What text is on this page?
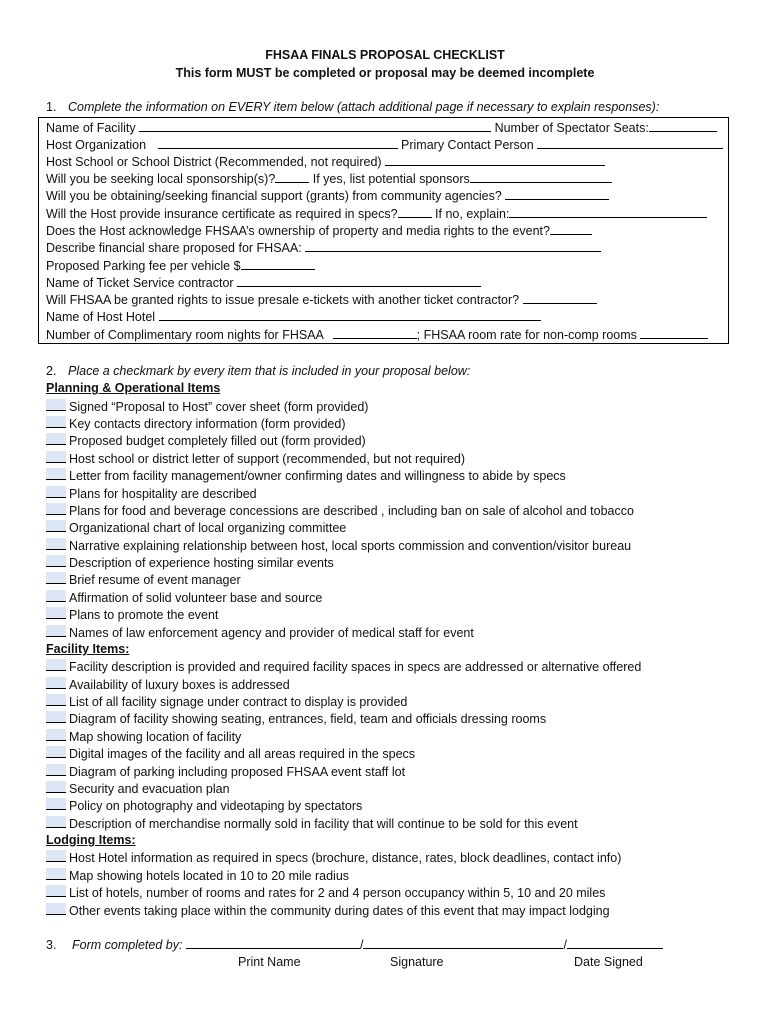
FHSAA FINALS PROPOSAL CHECKLIST
This form MUST be completed or proposal may be deemed incomplete
1. Complete the information on EVERY item below (attach additional page if necessary to explain responses):
Name of Facility	Number of Spectator Seats:
Host Organization	Primary Contact Person
Host School or School District (Recommended, not required)
Will you be seeking local sponsorship(s)?	If yes, list potential sponsors
Will you be obtaining/seeking financial support (grants) from community agencies?
Will the Host provide insurance certificate as required in specs?	If no, explain:
Does the Host acknowledge FHSAA’s ownership of property and media rights to the event?
Describe financial share proposed for FHSAA:
Proposed Parking fee per vehicle $
Name of Ticket Service contractor
Will FHSAA be granted rights to issue presale e-tickets with another ticket contractor?
Name of Host Hotel
Number of Complimentary room nights for FHSAA	; FHSAA room rate for non-comp rooms
2. Place a checkmark by every item that is included in your proposal below:
Planning & Operational Items
Signed “Proposal to Host” cover sheet (form provided)
Key contacts directory information (form provided)
Proposed budget completely filled out (form provided)
Host school or district letter of support (recommended, but not required)
Letter from facility management/owner confirming dates and willingness to abide by specs
Plans for hospitality are described
Plans for food and beverage concessions are described , including ban on sale of alcohol and tobacco
Organizational chart of local organizing committee
Narrative explaining relationship between host, local sports commission and convention/visitor bureau
Description of experience hosting similar events
Brief resume of event manager
Affirmation of solid volunteer base and source
Plans to promote the event
Names of law enforcement agency and provider of medical staff for event
Facility Items:
Facility description is provided and required facility spaces in specs are addressed or alternative offered
Availability of luxury boxes is addressed
List of all facility signage under contract to display is provided
Diagram of facility showing seating, entrances, field, team and officials dressing rooms
Map showing location of facility
Digital images of the facility and all areas required in the specs
Diagram of parking including proposed FHSAA event staff lot
Security and evacuation plan
Policy on photography and videotaping by spectators
Description of merchandise normally sold in facility that will continue to be sold for this event
Lodging Items:
Host Hotel information as required in specs (brochure, distance, rates, block deadlines, contact info)
Map showing hotels located in 10 to 20 mile radius
List of hotels, number of rooms and rates for 2 and 4 person occupancy within 5, 10 and 20 miles
Other events taking place within the community during dates of this event that may impact lodging
3. Form completed by:	/	/
Print Name	Signature	Date Signed
